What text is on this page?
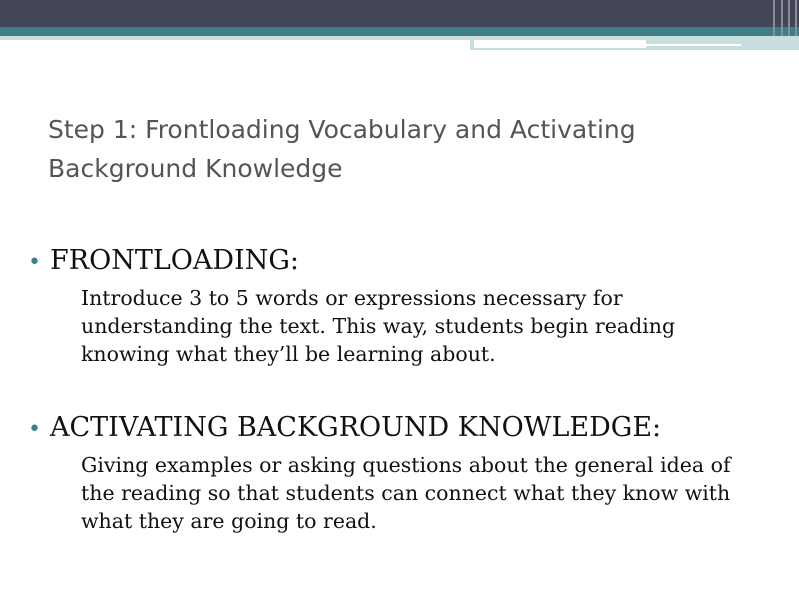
Step 1: Frontloading Vocabulary and Activating Background Knowledge

• FRONTLOADING:

Introduce 3 to 5 words or expressions necessary for understanding the text. This way, students begin reading knowing what they’ll be learning about.

• ACTIVATING BACKGROUND KNOWLEDGE:

Giving examples or asking questions about the general idea of the reading so that students can connect what they know with what they are going to read.
